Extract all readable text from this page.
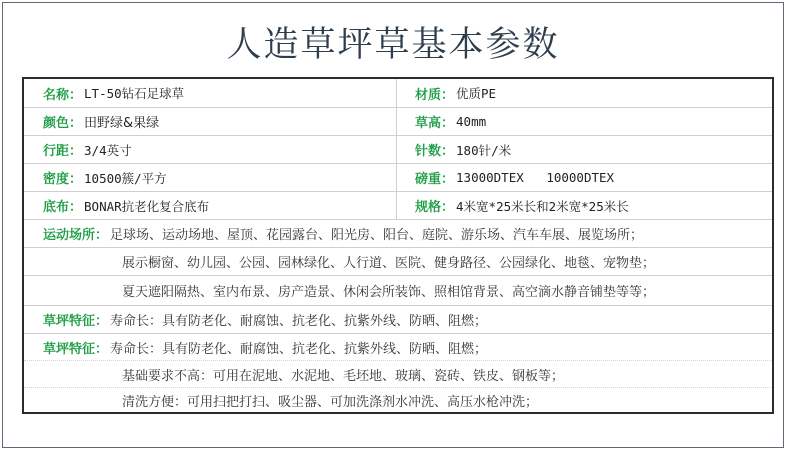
人造草坪草基本参数
名称： LT-50钻石足球草	材质： 优质PE
颜色： 田野绿&果绿	草高： 40mm
行距： 3/4英寸	针数： 180针/米
密度： 10500簇/平方	磅重： 13000DTEX   10000DTEX
底布： BONAR抗老化复合底布	规格： 4米宽*25米长和2米宽*25米长
运动场所： 足球场、运动场地、屋顶、花园露台、阳光房、阳台、庭院、游乐场、汽车车展、展览场所；
展示橱窗、幼儿园、公园、园林绿化、人行道、医院、健身路径、公园绿化、地毯、宠物垫；
夏天遮阳隔热、室内布景、房产造景、休闲会所装饰、照相馆背景、高空滴水静音铺垫等等；
草坪特征： 寿命长：具有防老化、耐腐蚀、抗老化、抗紫外线、防晒、阻燃；
草坪特征： 寿命长：具有防老化、耐腐蚀、抗老化、抗紫外线、防晒、阻燃；
基础要求不高：可用在泥地、水泥地、毛坯地、玻璃、瓷砖、铁皮、钢板等；
清洗方便：可用扫把打扫、吸尘器、可加洗涤剂水冲洗、高压水枪冲洗；
